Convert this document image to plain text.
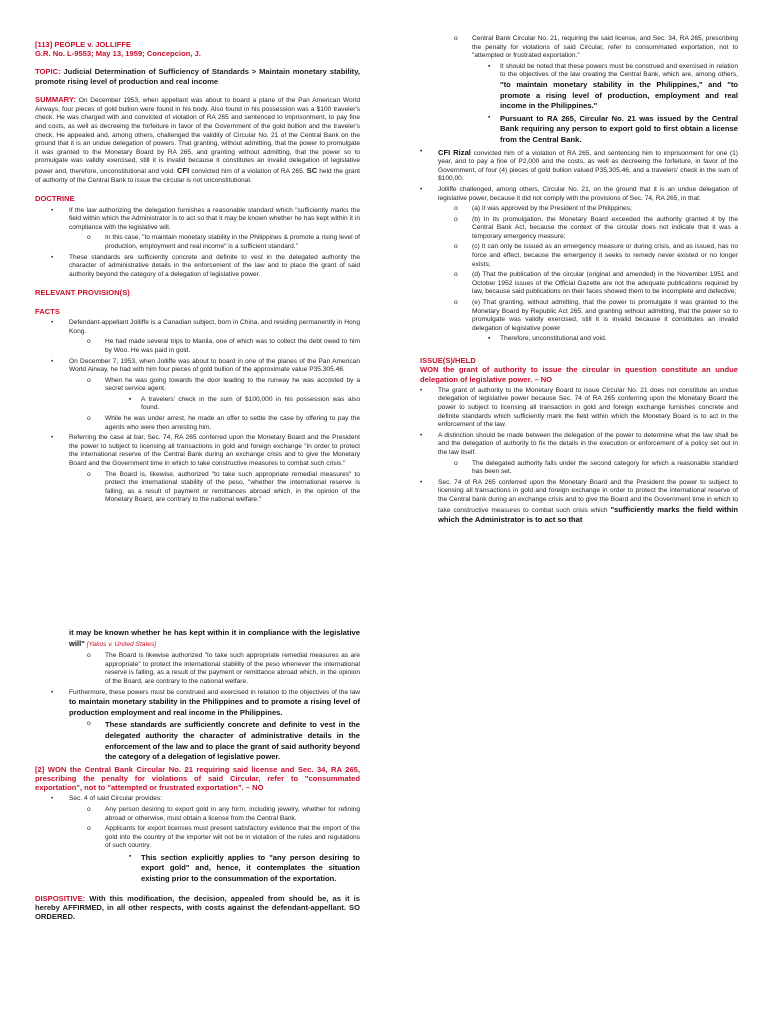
[113] PEOPLE v. JOLLIFFE
G.R. No. L-9553; May 13, 1959; Concepcion, J.
TOPIC: Judicial Determination of Sufficiency of Standards > Maintain monetary stability, promote rising level of production and real income

SUMMARY: On December 1953, when appellant was about to board a plane of the Pan American World Airways, four pieces of gold bullion were found in his body. Also found in his possession was a $100 traveler's check. He was charged with and convicted of violation of RA 265 and sentenced to imprisonment, to pay fine and costs, as well as decreeing the forfeiture in favor of the Government of the gold bullion and the traveler's check. He appealed and, among others, challenged the validity of Circular No. 21 of the Central Bank on the ground that it is an undue delegation of powers. That granting, without admitting, that the power to promulgate it was granted to the Monetary Board by RA 265, and granting without admitting, that the power so to promulgate was validly exercised, still it is invalid because it constitutes an invalid delegation of legislative power and, therefore, unconstitutional and void. CFI convicted him of a violation of RA 265. SC held the grant of authority of the Central Bank to issue the circular is not unconstitutional.

DOCTRINE
• If the law authorizing the delegation furnishes a reasonable standard which "sufficiently marks the field within which the Administrator is to act so that it may be known whether he has kept within it in compliance with the legislative will.
o In this case, "to maintain monetary stability in the Philippines & promote a rising level of production, employment and real income" is a sufficient standard."
• These standards are sufficiently concrete and definite to vest in the delegated authority the character of administrative details in the enforcement of the law and to place the grant of said authority beyond the category of a delegation of legislative power.
RELEVANT PROVISION(S)
FACTS
• Defendant-appellant Jolliffe is a Canadian subject, born in China, and residing permanently in Hong Kong.
o He had made several trips to Manila, one of which was to collect the debt owed to him by Woo. He was paid in gold.
• On December 7, 1953, when Jolliffe was about to board in one of the planes of the Pan American World Airway, he had with him four pieces of gold bullion of the approximate value P35,305.46.
o When he was going towards the door leading to the runway he was accosted by a secret service agent.
▪ A travelers' check in the sum of $100,000 in his possession was also found.
o While he was under arrest, he made an offer to settle the case by offering to pay the agents who were then arresting him.
• Referring the case at bar, Sec. 74, RA 265 conferred upon the Monetary Board and the President the power to subject to licensing all transactions in gold and foreign exchange "in order to protect the international reserve of the Central Bank during an exchange crisis and to give the Monetary Board and the Government time in which to take constructive measures to combat such crisis."
o The Board is, likewise, authorized "to take such appropriate remedial measures" to protect the international stability of the peso, "whether the international reserve is falling, as a result of payment or remittances abroad which, in the opinion of the Monetary Board, are contrary to the national welfare."
o Central Bank Circular No. 21, requiring the said license, and Sec. 34, RA 265, prescribing the penalty for violations of said Circular, refer to consummated exportation, not to "attempted or frustrated exportation."
▪ It should be noted that these powers must be construed and exercised in relation to the objectives of the law creating the Central Bank, which are, among others, "to maintain monetary stability in the Philippines," and "to promote a rising level of production, employment and real income in the Philippines."
▪ Pursuant to RA 265, Circular No. 21 was issued by the Central Bank requiring any person to export gold to first obtain a license from the Central Bank.
• CFI Rizal convicted him of a violation of RA 265, and sentencing him to imprisonment for one (1) year, and to pay a fine of P2,000 and the costs, as well as decreeing the forfeiture, in favor of the Government, of four (4) pieces of gold bullion valued P35,305.46, and a travelers' check in the sum of $100.00.
• Jolliffe challenged, among others, Circular No. 21, on the ground that it is an undue delegation of legislative power, because it did not comply with the provisions of Sec. 74, RA 265, in that:
o (a) It was approved by the President of the Philippines;
o (b) In its promulgation, the Monetary Board exceeded the authority granted it by the Central Bank Act, because the context of the circular does not indicate that it was a temporary emergency measure;
o (c) It can only be issued as an emergency measure or during crisis, and as issued, has no force and effect, because the emergency it seeks to remedy never existed or no longer exists;
o (d) That the publication of the circular (original and amended) in the November 1951 and October 1952 issues of the Official Gazette are not the adequate publications required by law, because said publications on their faces showed them to be incomplete and defective;
o (e) That granting, without admitting, that the power to promulgate it was granted to the Monetary Board by Republic Act 265, and granting without admitting, that the power so to promulgate was validly exercised, still it is invalid because it constitutes an invalid delegation of legislative power
▪ Therefore, unconstitutional and void.
ISSUE(S)/HELD
WON the grant of authority to issue the circular in question constitute an undue delegation of legislative power. – NO
• The grant of authority to the Monetary Board to issue Circular No. 21 does not constitute an undue delegation of legislative power because Sec. 74 of RA 265 conferring upon the Monetary Board the power to subject to licensing all transaction in gold and foreign exchange furnishes concrete and definite standards which sufficiently mark the field within which the Monetary Board is to act in the enforcement of the law.
• A distinction should be made between the delegation of the power to determine what the law shall be and the delegation of authority to fix the details in the execution or enforcement of a policy set out in the law itself.
o The delegated authority falls under the second category for which a reasonable standard has been set.
• Sec. 74 of RA 265 conferred upon the Monetary Board and the President the power to subject to licensing all transactions in gold and foreign exchange in order to protect the international reserve of the Central bank during an exchange crisis and to give the Board and the Government time in which to take constructive measures to combat such crisis which "sufficiently marks the field within which the Administrator is to act so that

it may be known whether he has kept within it in compliance with the legislative will" [Yakus v. United States]

o The Board is likewise authorized "to take such appropriate remedial measures as are appropriate" to protect the international stability of the peso whenever the international reserve is falling, as a result of the payment or remittance abroad which, in the opinion of the Board, are contrary to the national welfare.
• Furthermore, these powers must be construed and exercised in relation to the objectives of the law to maintain monetary stability in the Philippines and to promote a rising level of production employment and real income in the Philippines.
o These standards are sufficiently concrete and definite to vest in the delegated authority the character of administrative details in the enforcement of the law and to place the grant of said authority beyond the category of a delegation of legislative power.
[2] WON the Central Bank Circular No. 21 requiring said license and Sec. 34, RA 265, prescribing the penalty for violations of said Circular, refer to "consummated exportation", not to "attempted or frustrated exportation". – NO
• Sec. 4 of said Circular provides:
o Any person desiring to export gold in any form, including jewelry, whether for refining abroad or otherwise, must obtain a license from the Central Bank.
o Applicants for export licenses must present satisfactory evidence that the import of the gold into the country of the importer will not be in violation of the rules and regulations of such country.
▪ This section explicitly applies to "any person desiring to export gold" and, hence, it contemplates the situation existing prior to the consummation of the exportation.

DISPOSITIVE: With this modification, the decision, appealed from should be, as it is hereby AFFIRMED, in all other respects, with costs against the defendant-appellant. SO ORDERED.
